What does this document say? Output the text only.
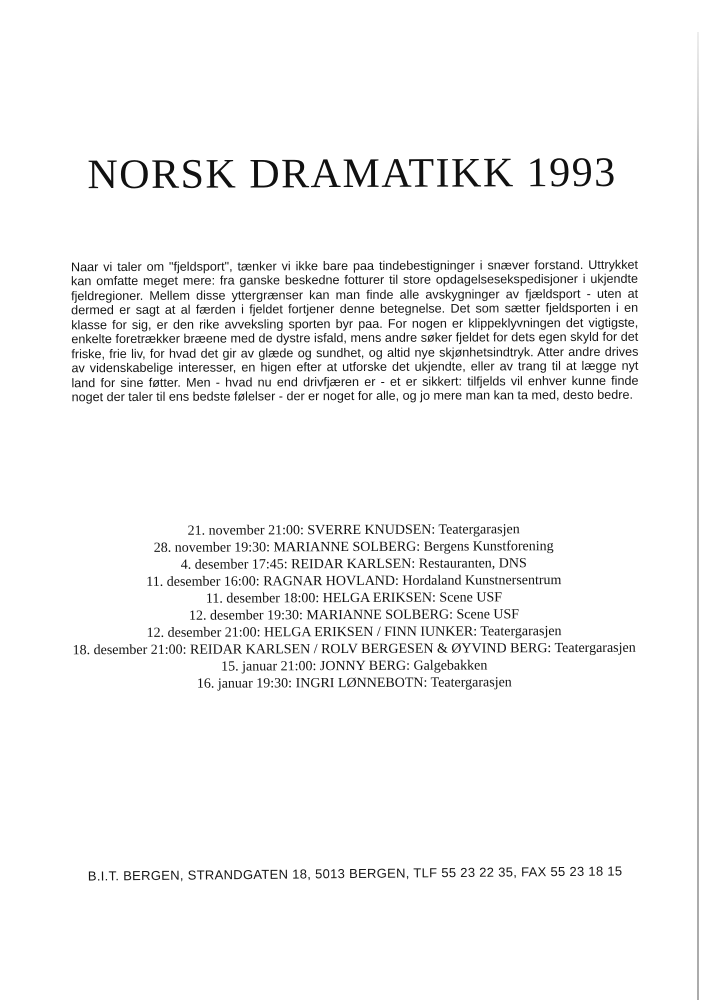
NORSK DRAMATIKK 1993

Naar vi taler om "fjeldsport", tænker vi ikke bare paa tindebestigninger i snæver forstand. Uttrykket kan omfatte meget mere: fra ganske beskedne fotturer til store opdagelsesekspedisjoner i ukjendte fjeldregioner. Mellem disse yttergrænser kan man finde alle avskygninger av fjældsport - uten at dermed er sagt at al færden i fjeldet fortjener denne betegnelse. Det som sætter fjeldsporten i en klasse for sig, er den rike avveksling sporten byr paa. For nogen er klippeklyvningen det vigtigste, enkelte foretrækker bræene med de dystre isfald, mens andre søker fjeldet for dets egen skyld for det friske, frie liv, for hvad det gir av glæde og sundhet, og altid nye skjønhetsindtryk. Atter andre drives av videnskabelige interesser, en higen efter at utforske det ukjendte, eller av trang til at lægge nyt land for sine føtter. Men - hvad nu end drivfjæren er - et er sikkert: tilfjelds vil enhver kunne finde noget der taler til ens bedste følelser - der er noget for alle, og jo mere man kan ta med, desto bedre.

21. november 21:00: SVERRE KNUDSEN: Teatergarasjen
28. november 19:30: MARIANNE SOLBERG: Bergens Kunstforening
4. desember 17:45: REIDAR KARLSEN: Restauranten, DNS
11. desember 16:00: RAGNAR HOVLAND: Hordaland Kunstnersentrum
11. desember 18:00: HELGA ERIKSEN: Scene USF
12. desember 19:30: MARIANNE SOLBERG: Scene USF
12. desember 21:00: HELGA ERIKSEN / FINN IUNKER: Teatergarasjen
18. desember 21:00: REIDAR KARLSEN / ROLV BERGESEN & ØYVIND BERG: Teatergarasjen
15. januar 21:00: JONNY BERG: Galgebakken
16. januar 19:30: INGRI LØNNEBOTN: Teatergarasjen
B.I.T. BERGEN, STRANDGATEN 18, 5013 BERGEN, TLF 55 23 22 35, FAX 55 23 18 15
